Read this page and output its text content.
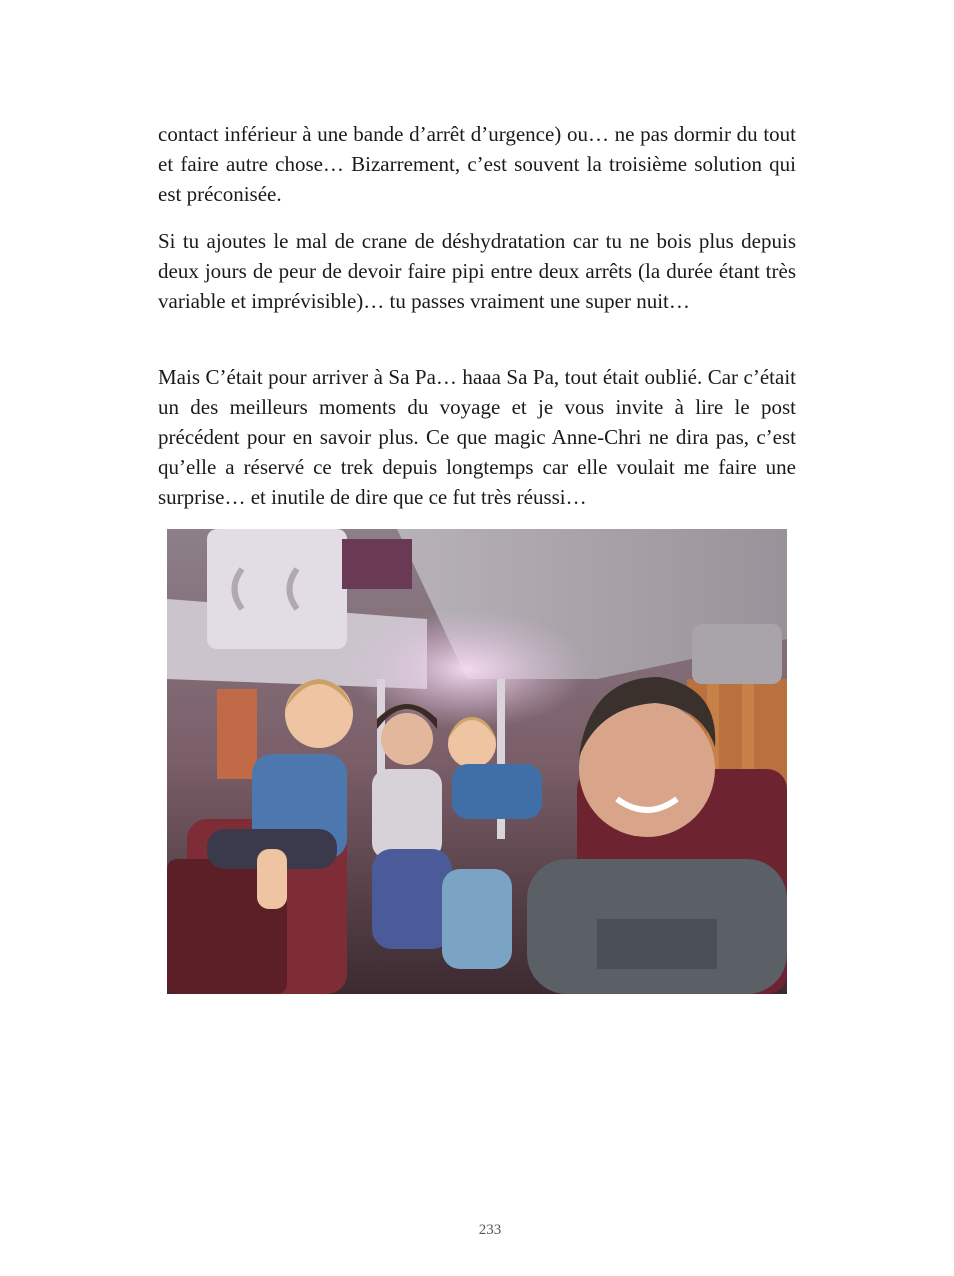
contact inférieur à une bande d’arrêt d’urgence) ou… ne pas dormir du tout et faire autre chose… Bizarrement, c’est souvent la troisième solution qui est préconisée.

Si tu ajoutes le mal de crane de déshydratation car tu ne bois plus depuis deux jours de peur de devoir faire pipi entre deux arrêts (la durée étant très variable et imprévisible)… tu passes vraiment une super nuit…

Mais C’était pour arriver à Sa Pa… haaa Sa Pa, tout était oublié. Car c’était un des meilleurs moments du voyage et je vous invite à lire le post précédent pour en savoir plus. Ce que magic Anne-Chri ne dira pas, c’est qu’elle a réservé ce trek depuis longtemps car elle voulait me faire une surprise… et inutile de dire que ce fut très réussi…

233
